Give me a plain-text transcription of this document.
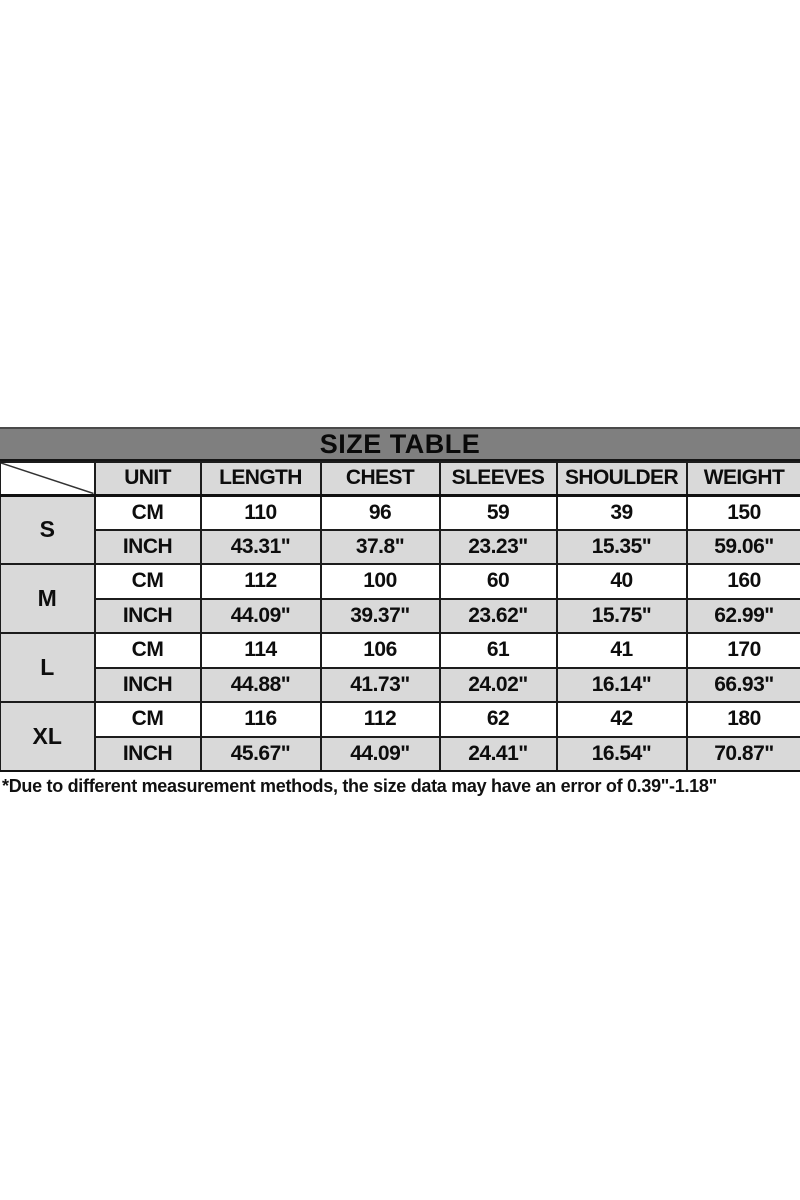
SIZE TABLE
	UNIT	LENGTH	CHEST	SLEEVES	SHOULDER	WEIGHT
S	CM	110	96	59	39	150
	INCH	43.31"	37.8"	23.23"	15.35"	59.06"
M	CM	112	100	60	40	160
	INCH	44.09"	39.37"	23.62"	15.75"	62.99"
L	CM	114	106	61	41	170
	INCH	44.88"	41.73"	24.02"	16.14"	66.93"
XL	CM	116	112	62	42	180
	INCH	45.67"	44.09"	24.41"	16.54"	70.87"
*Due to different measurement methods, the size data may have an error of 0.39"-1.18"
